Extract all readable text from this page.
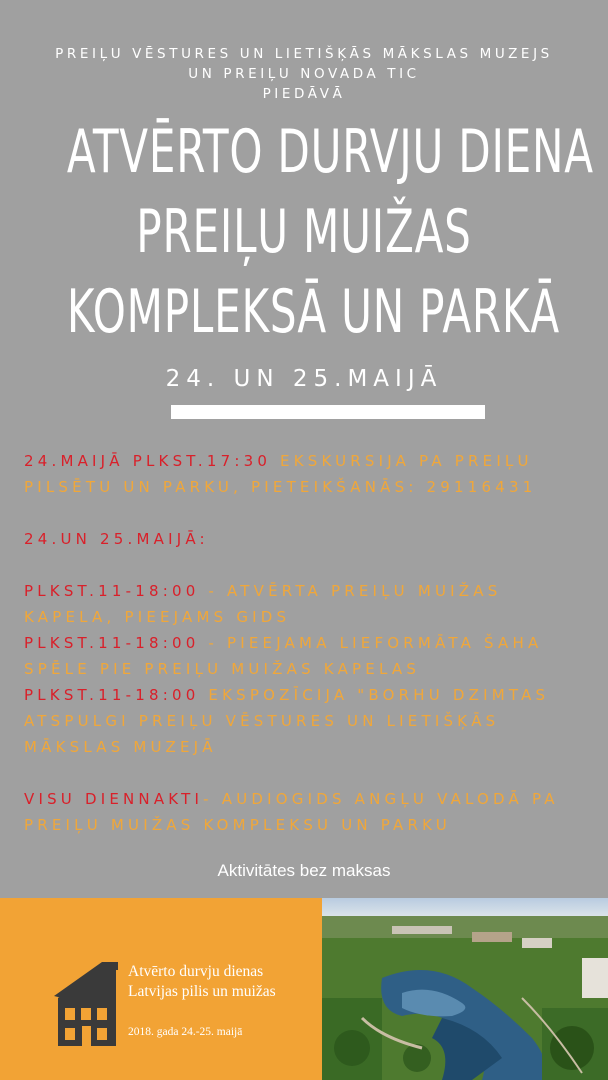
PREIĻU VĒSTURES UN LIETIŠĶĀS MĀKSLAS MUZEJS
UN PREIĻU NOVADA TIC
PIEDĀVĀ
ATVĒRTO DURVJU DIENA
PREIĻU MUIŽAS
KOMPLEKSĀ UN PARKĀ
24. UN 25.MAIJĀ
24.MAIJĀ PLKST.17:30 EKSKURSIJA PA PREIĻU
PILSĒTU UN PARKU, PIETEIKŠANĀS: 29116431
24.UN 25.MAIJĀ:
PLKST.11-18:00 - ATVĒRTA PREIĻU MUIŽAS
KAPELA, PIEEJAMS GIDS
PLKST.11-18:00 - PIEEJAMA LIEFORMĀTA ŠAHA
SPĒLE PIE PREIĻU MUIŽAS KAPELAS
PLKST.11-18:00 EKSPOZĪCIJA "BORHU DZIMTAS
ATSPULGI PREIĻU VĒSTURES UN LIETIŠĶĀS
MĀKSLAS MUZEJĀ
VISU DIENNAKTI- AUDIOGIDS ANGĻU VALODĀ PA
PREIĻU MUIŽAS KOMPLEKSU UN PARKU
Aktivitātes bez maksas
Atvērto durvju dienas
Latvijas pilis un muižas
2018. gada 24.-25. maijā
